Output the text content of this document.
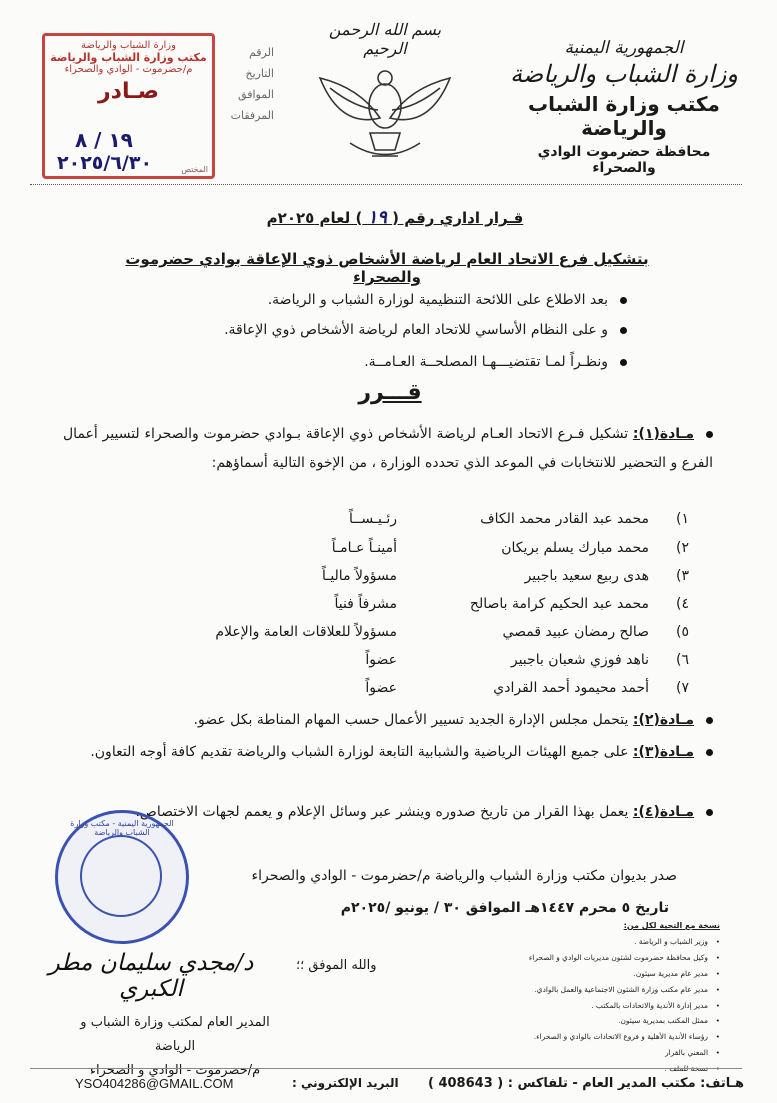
الجمهورية اليمنية
وزارة الشباب والرياضة
مكتب وزارة الشباب والرياضة
محافظة حضرموت الوادي والصحراء
بسم الله الرحمن الرحيم
الرقم
التاريخ
الموافق
المرفقات
وزارة الشباب والرياضة
مكتب وزارة الشباب والرياضة
م/حضرموت - الوادي والصحراء
صـادر
١٩ / ٨
٢٠٢٥/٦/٣٠	المختص
قـرار اداري رقم ( ١٩ ) لعام ٢٠٢٥م
بتشكيل فرع الاتحاد العام لرياضة الأشخاص ذوي الإعاقة بوادي حضرموت والصحراء
بعد الاطلاع على اللائحة التنظيمية لوزارة الشباب و الرياضة.
و على النظام الأساسي للاتحاد العام لرياضة الأشخاص ذوي الإعاقة.
ونظـراً لمـا تقتضيـــهـا المصلحــة العـامــة.
قـــرر
مـادة(١): تشكيل فـرع الاتحاد العـام لرياضة الأشخاص ذوي الإعاقة بـوادي حضرموت والصحراء لتسيير أعمال الفرع و التحضير للانتخابات في الموعد الذي تحدده الوزارة ، من الإخوة التالية أسماؤهم:
١)
محمد عبد القادر محمد الكاف
رئـيـســاً
٢)
محمد مبارك يسلم بريكان
أمينـاً عـامـاً
٣)
هدى ربيع سعيد باجبير
مسؤولاً ماليـاً
٤)
محمد عبد الحكيم كرامة باصالح
مشرفاً فنياً
٥)
صالح رمضان عبيد قمصي
مسؤولاً للعلاقات العامة والإعلام
٦)
ناهد فوزي شعبان باجبير
عضواً
٧)
أحمد محيمود أحمد القرادي
عضواً
مـادة(٢): يتحمل مجلس الإدارة الجديد تسيير الأعمال حسب المهام المناطة بكل عضو.
مـادة(٣): على جميع الهيئات الرياضية والشبابية التابعة لوزارة الشباب والرياضة تقديم كافة أوجه التعاون.
مـادة(٤): يعمل بهذا القرار من تاريخ صدوره وينشر عبر وسائل الإعلام و يعمم لجهات الاختصاص.
صدر بديوان مكتب وزارة الشباب والرياضة م/حضرموت - الوادي والصحراء
تاريخ ٥ محرم ١٤٤٧هـ الموافق ٣٠ / يونيو /٢٠٢٥م
والله الموفق ؛؛
الجمهورية اليمنية - مكتب وزارة الشباب والرياضة
د/مجدي سليمان مطر الكبري
المدير العام لمكتب وزارة الشباب و الرياضة
م/حضرموت - الوادي و الصحراء
نسخة مع التحية لكل من:
• وزير الشباب و الرياضة .
• وكيل محافظة حضرموت لشئون مديريات الوادي و الصحراء
• مدير عام مديرية سيئون.
• مدير عام مكتب وزارة الشئون الاجتماعية والعمل بالوادي.
• مدير إدارة الأندية والاتحادات بالمكتب .
• ممثل المكتب بمديرية سيئون.
• رؤساء الأندية الأهلية و فروع الاتحادات بالوادي و الصحراء.
• المعني بالقرار
• نسخة للملف .
YSO404286@GMAIL.COM	البريد الإلكتروني : هـاتف: مكتب المدير العام - تلفاكس : ( 408643 )
